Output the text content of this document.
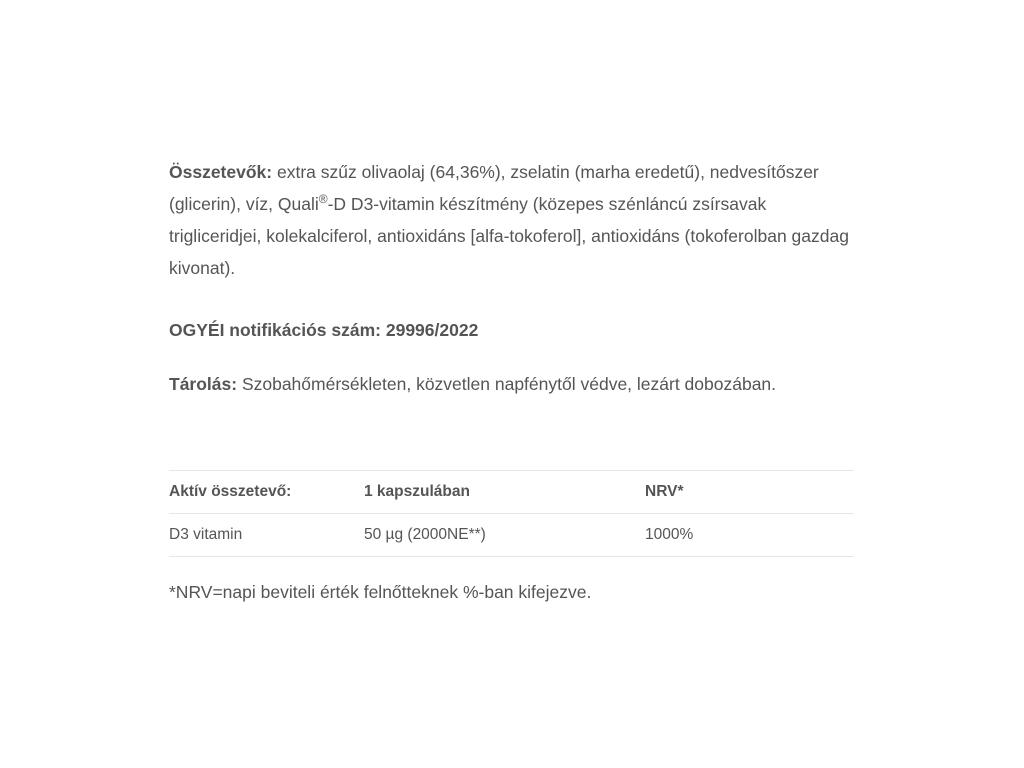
Összetevők: extra szűz olivaolaj (64,36%), zselatin (marha eredetű), nedvesítőszer (glicerin), víz, Quali®-D D3-vitamin készítmény (közepes szénláncú zsírsavak trigliceridjei, kolekalciferol, antioxidáns [alfa-tokoferol], antioxidáns (tokoferolban gazdag kivonat).

OGYÉI notifikációs szám: 29996/2022

Tárolás: Szobahőmérsékleten, közvetlen napfénytől védve, lezárt dobozában.

Aktív összetevő:	1 kapszulában	NRV*
D3 vitamin	50 µg (2000NE**)	1000%

*NRV=napi beviteli érték felnőtteknek %-ban kifejezve.
